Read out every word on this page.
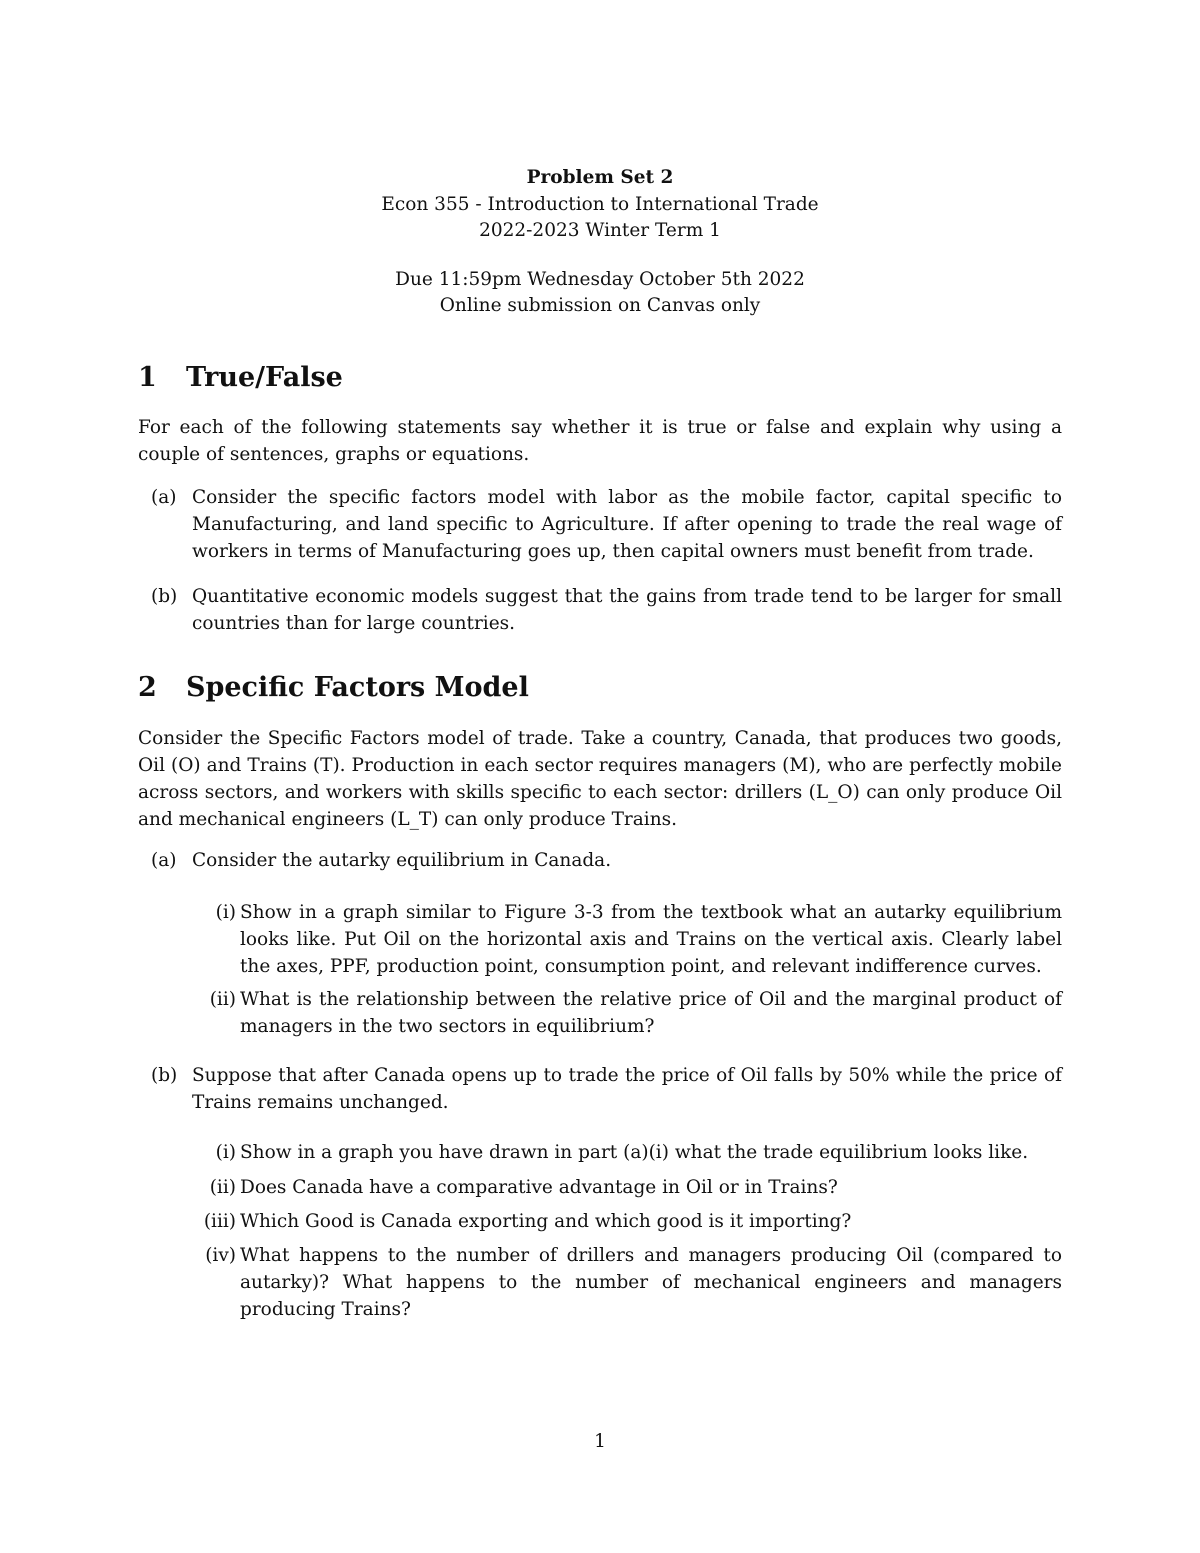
Problem Set 2
Econ 355 - Introduction to International Trade
2022-2023 Winter Term 1
Due 11:59pm Wednesday October 5th 2022
Online submission on Canvas only
1 True/False
For each of the following statements say whether it is true or false and explain why using a couple of sentences, graphs or equations.
(a) Consider the specific factors model with labor as the mobile factor, capital specific to Manufacturing, and land specific to Agriculture. If after opening to trade the real wage of workers in terms of Manufacturing goes up, then capital owners must benefit from trade.
(b) Quantitative economic models suggest that the gains from trade tend to be larger for small countries than for large countries.
2 Specific Factors Model
Consider the Specific Factors model of trade. Take a country, Canada, that produces two goods, Oil (O) and Trains (T). Production in each sector requires managers (M), who are perfectly mobile across sectors, and workers with skills specific to each sector: drillers (L_O) can only produce Oil and mechanical engineers (L_T) can only produce Trains.
(a) Consider the autarky equilibrium in Canada.
(i) Show in a graph similar to Figure 3-3 from the textbook what an autarky equilibrium looks like. Put Oil on the horizontal axis and Trains on the vertical axis. Clearly label the axes, PPF, production point, consumption point, and relevant indifference curves.
(ii) What is the relationship between the relative price of Oil and the marginal product of managers in the two sectors in equilibrium?
(b) Suppose that after Canada opens up to trade the price of Oil falls by 50% while the price of Trains remains unchanged.
(i) Show in a graph you have drawn in part (a)(i) what the trade equilibrium looks like.
(ii) Does Canada have a comparative advantage in Oil or in Trains?
(iii) Which Good is Canada exporting and which good is it importing?
(iv) What happens to the number of drillers and managers producing Oil (compared to autarky)? What happens to the number of mechanical engineers and managers producing Trains?
1
